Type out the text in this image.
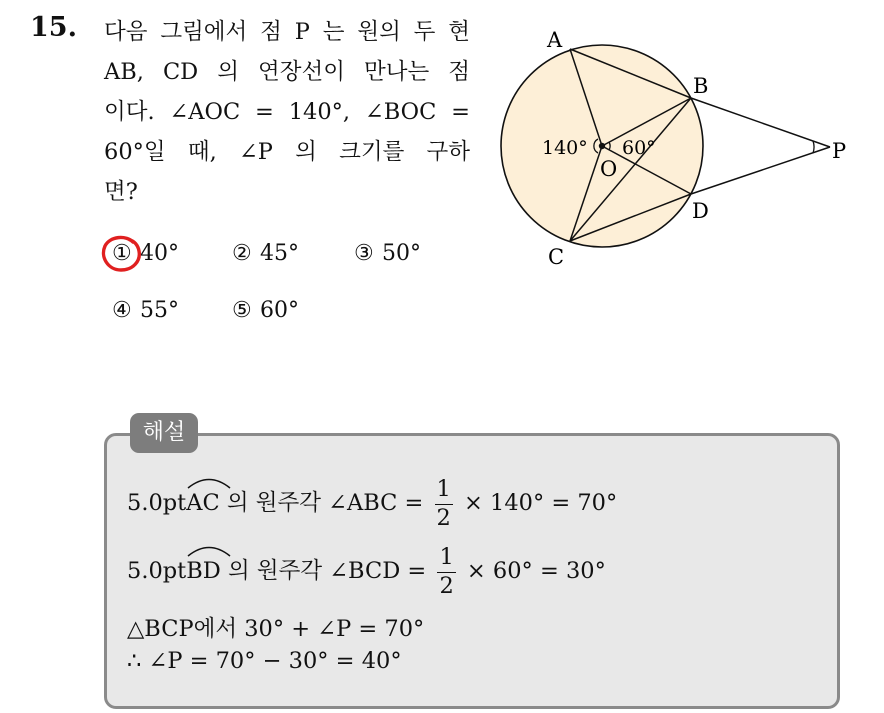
15. 다음 그림에서 점 P 는 원의 두 현
AB, CD 의 연장선이 만나는 점
이다. ∠AOC = 140°, ∠BOC =
60°일 때, ∠P 의 크기를 구하
면?
① 40° ② 45°	③ 50°
④ 55° ⑤ 60°
A
B
C
D
O
P
140° 60°
해설
5.0pt
AC 의 원주각 ∠ABC = $\frac{1}{2} \times 140^\circ = 70^\circ$
5.0pt
BD 의 원주각 ∠BCD = $\frac{1}{2} \times 60^\circ = 30^\circ$
△BCP에서 30° + ∠P = 70°
∴ ∠P = 70° − 30° = 40°
